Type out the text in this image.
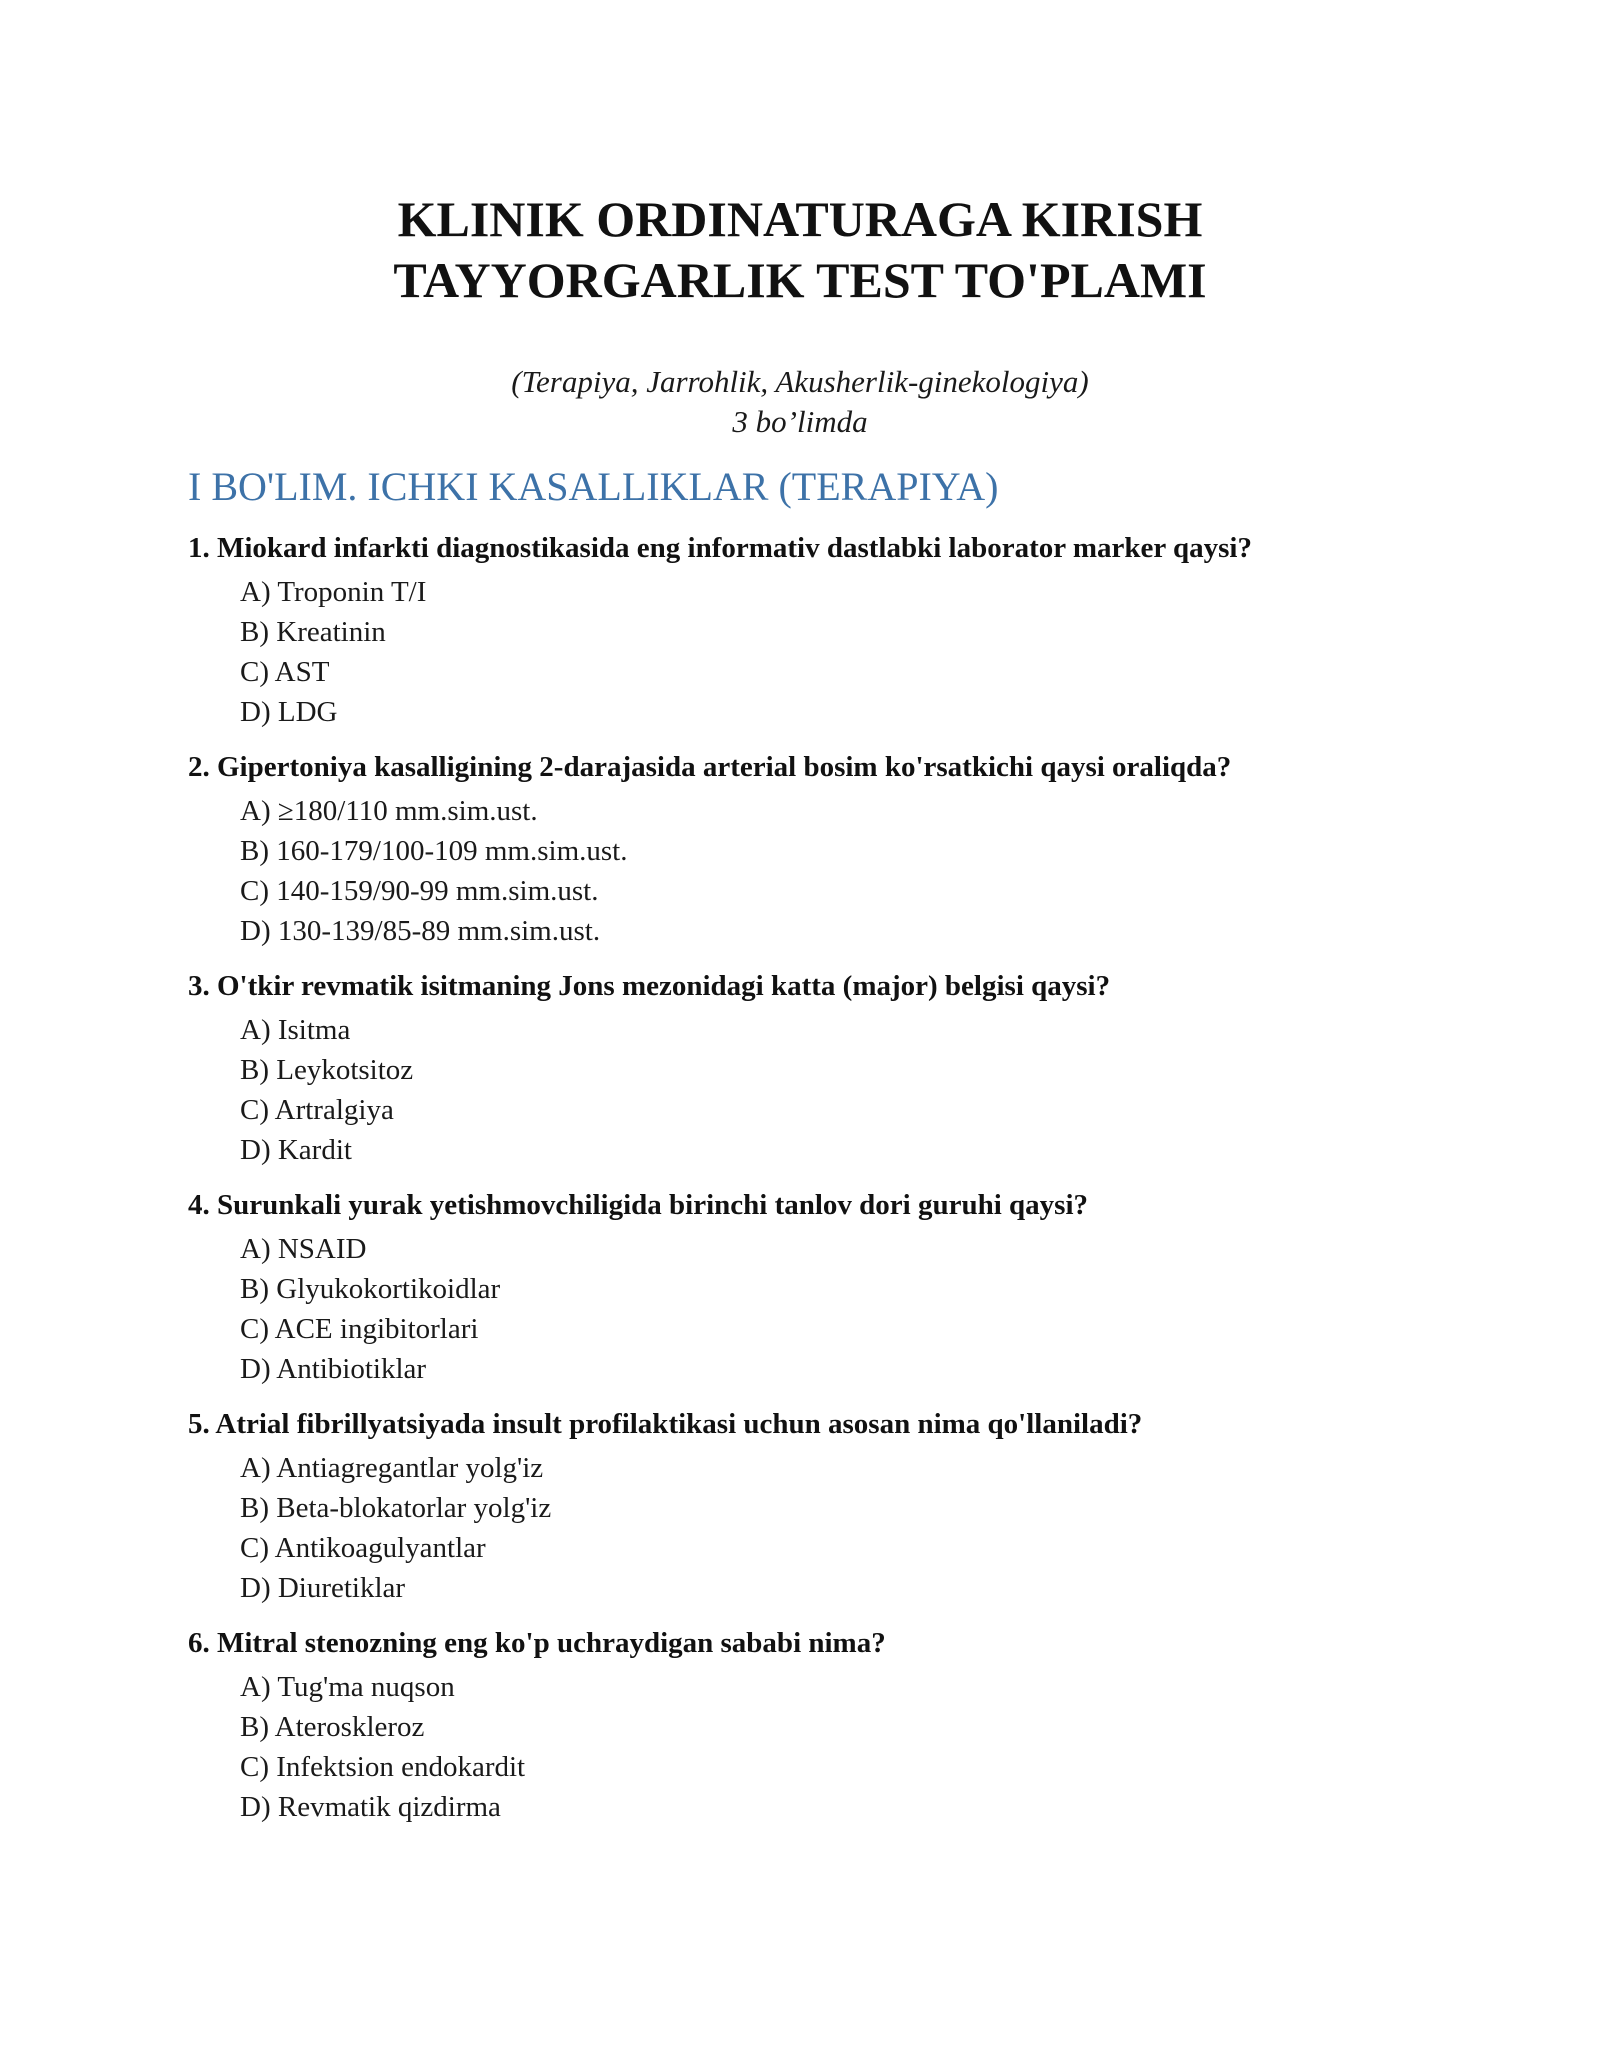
KLINIK ORDINATURAGA KIRISH
TAYYORGARLIK TEST TO'PLAMI
(Terapiya, Jarrohlik, Akusherlik-ginekologiya)
3 bo’limda
I BO'LIM. ICHKI KASALLIKLAR (TERAPIYA)

1. Miokard infarkti diagnostikasida eng informativ dastlabki laborator marker qaysi?

A) Troponin T/I
B) Kreatinin
C) AST
D) LDG

2. Gipertoniya kasalligining 2-darajasida arterial bosim ko'rsatkichi qaysi oraliqda?

A) ≥180/110 mm.sim.ust.
B) 160-179/100-109 mm.sim.ust.
C) 140-159/90-99 mm.sim.ust.
D) 130-139/85-89 mm.sim.ust.

3. O'tkir revmatik isitmaning Jons mezonidagi katta (major) belgisi qaysi?

A) Isitma
B) Leykotsitoz
C) Artralgiya
D) Kardit

4. Surunkali yurak yetishmovchiligida birinchi tanlov dori guruhi qaysi?

A) NSAID
B) Glyukokortikoidlar
C) ACE ingibitorlari
D) Antibiotiklar

5. Atrial fibrillyatsiyada insult profilaktikasi uchun asosan nima qo'llaniladi?

A) Antiagregantlar yolg'iz
B) Beta-blokatorlar yolg'iz
C) Antikoagulyantlar
D) Diuretiklar

6. Mitral stenozning eng ko'p uchraydigan sababi nima?

A) Tug'ma nuqson
B) Ateroskleroz
C) Infektsion endokardit
D) Revmatik qizdirma
